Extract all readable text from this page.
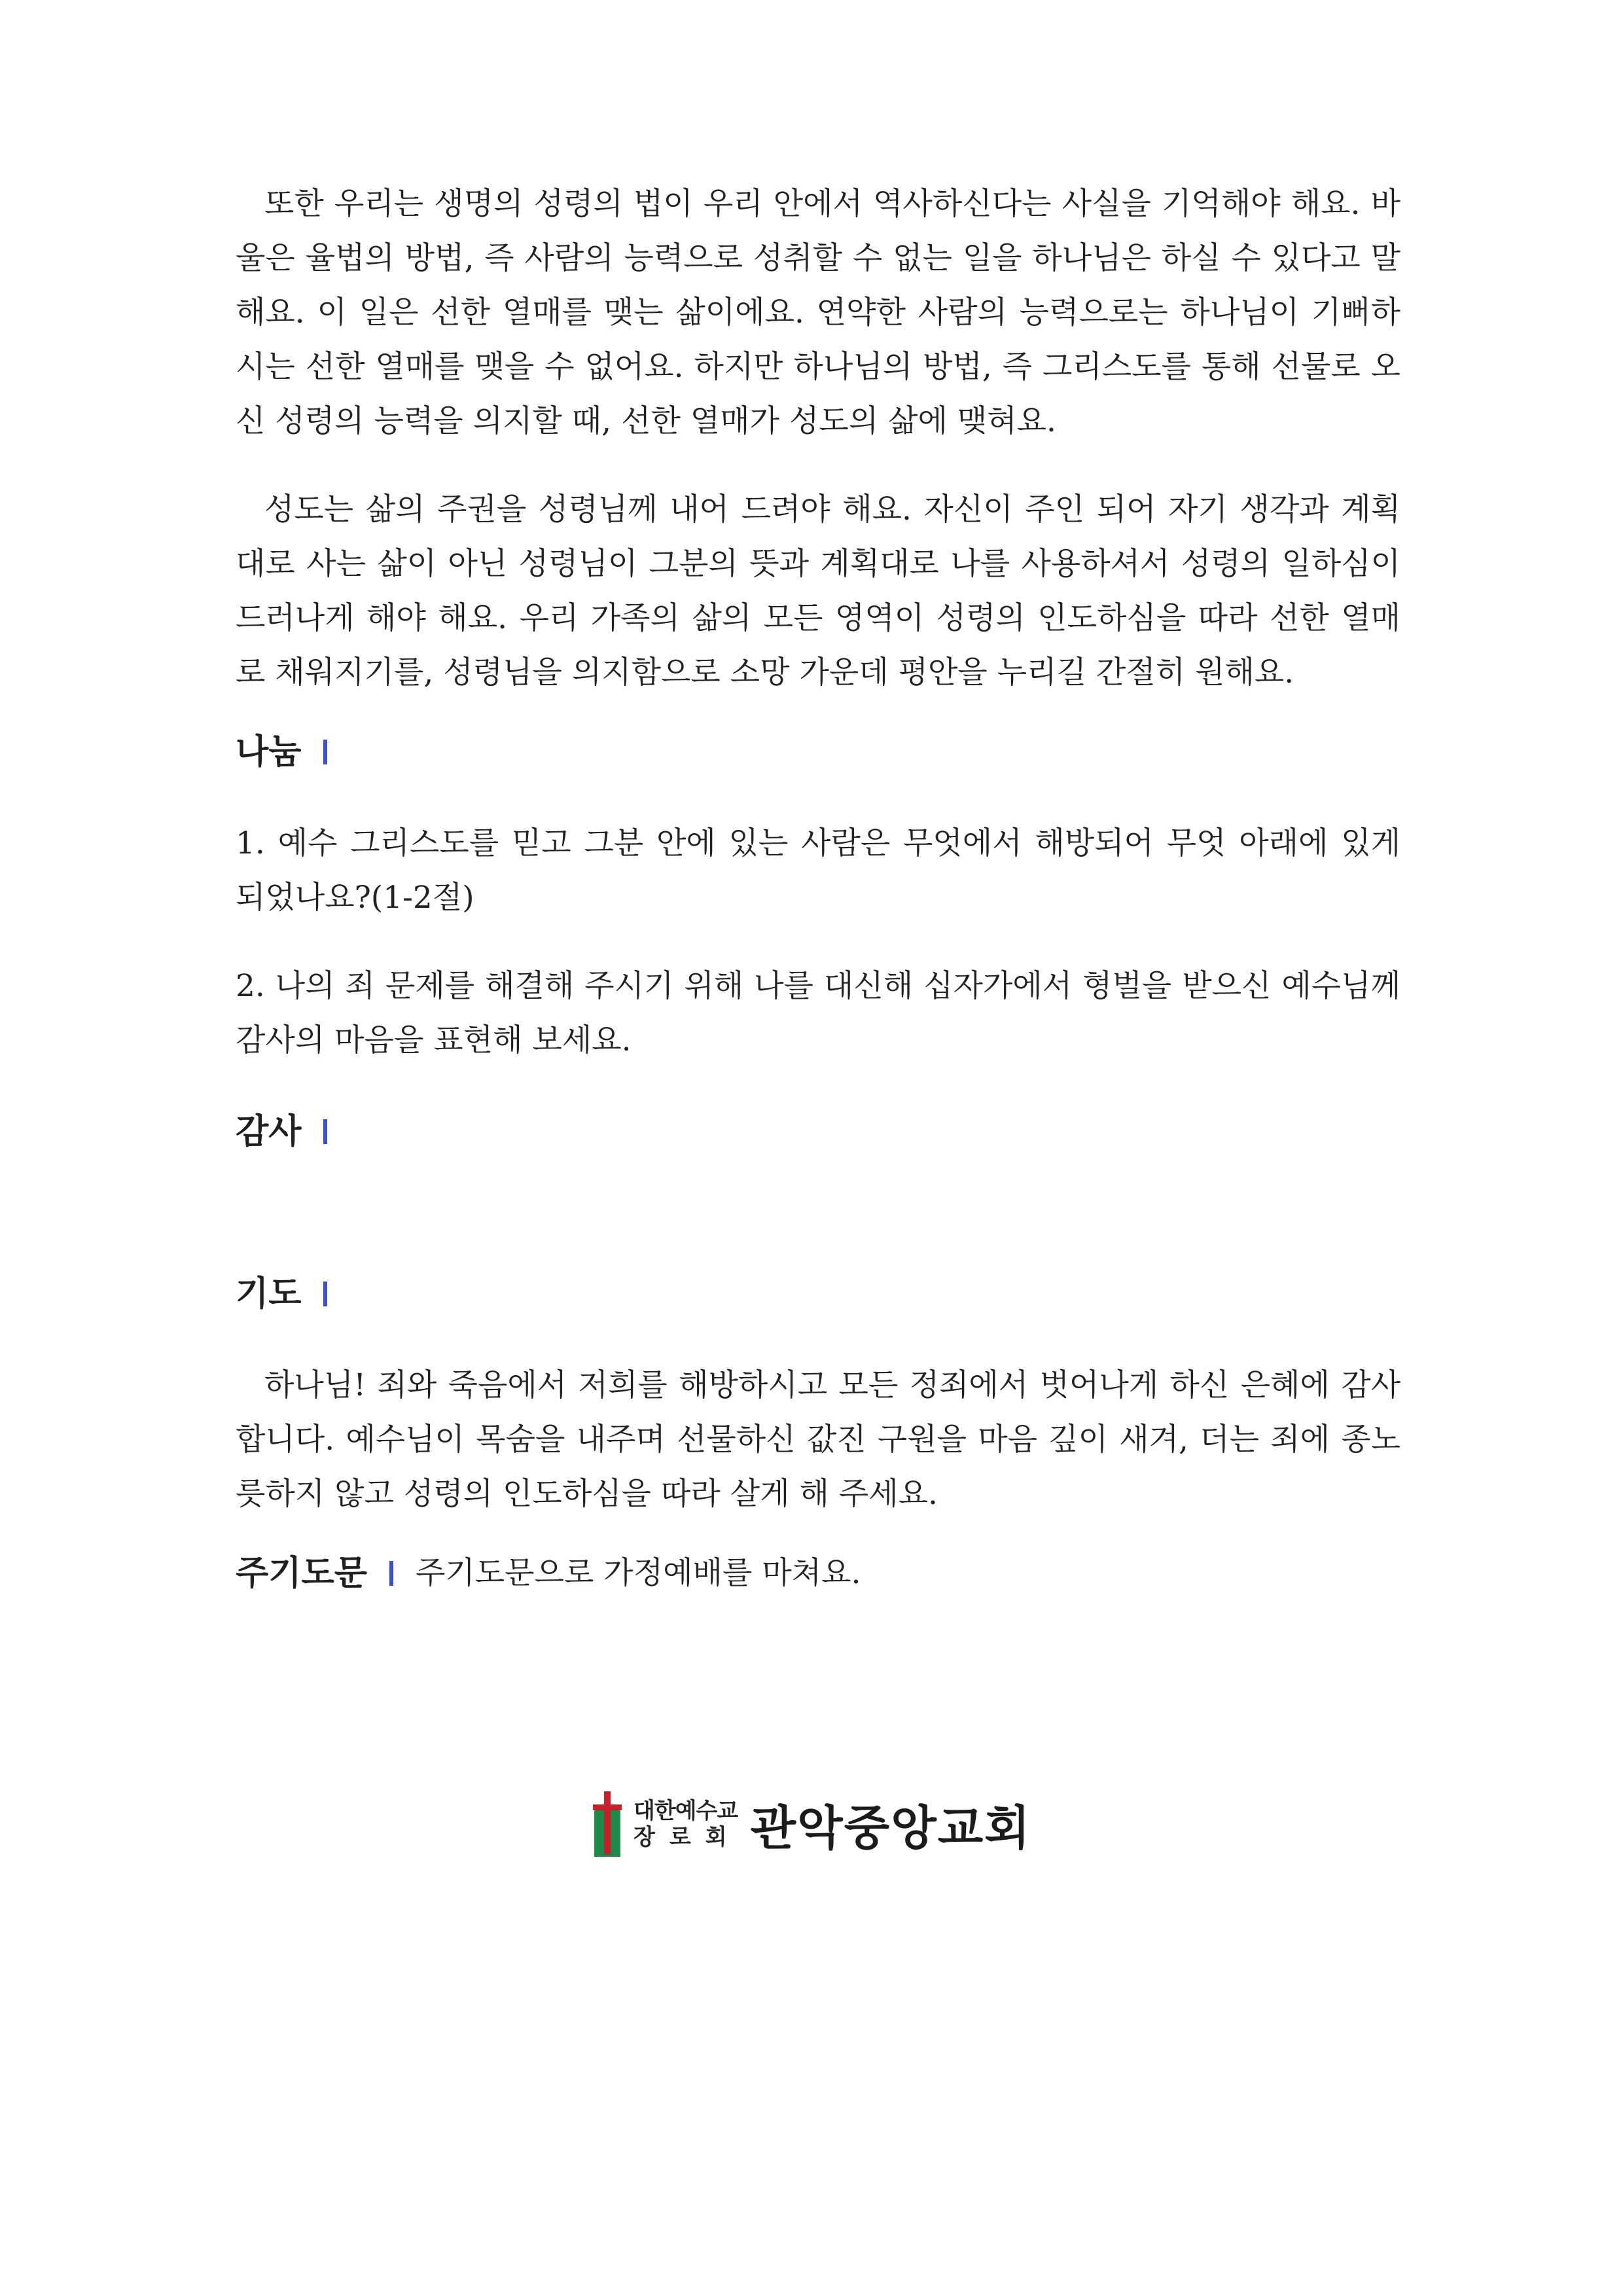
또한 우리는 생명의 성령의 법이 우리 안에서 역사하신다는 사실을 기억해야 해요. 바울은 율법의 방법, 즉 사람의 능력으로 성취할 수 없는 일을 하나님은 하실 수 있다고 말해요. 이 일은 선한 열매를 맺는 삶이에요. 연약한 사람의 능력으로는 하나님이 기뻐하시는 선한 열매를 맺을 수 없어요. 하지만 하나님의 방법, 즉 그리스도를 통해 선물로 오신 성령의 능력을 의지할 때, 선한 열매가 성도의 삶에 맺혀요.

성도는 삶의 주권을 성령님께 내어 드려야 해요. 자신이 주인 되어 자기 생각과 계획대로 사는 삶이 아닌 성령님이 그분의 뜻과 계획대로 나를 사용하셔서 성령의 일하심이 드러나게 해야 해요. 우리 가족의 삶의 모든 영역이 성령의 인도하심을 따라 선한 열매로 채워지기를, 성령님을 의지함으로 소망 가운데 평안을 누리길 간절히 원해요.

나눔

1. 예수 그리스도를 믿고 그분 안에 있는 사람은 무엇에서 해방되어 무엇 아래에 있게 되었나요?(1-2절)

2. 나의 죄 문제를 해결해 주시기 위해 나를 대신해 십자가에서 형벌을 받으신 예수님께 감사의 마음을 표현해 보세요.

감사
기도

하나님! 죄와 죽음에서 저희를 해방하시고 모든 정죄에서 벗어나게 하신 은혜에 감사합니다. 예수님이 목숨을 내주며 선물하신 값진 구원을 마음 깊이 새겨, 더는 죄에 종노릇하지 않고 성령의 인도하심을 따라 살게 해 주세요.

주기도문 주기도문으로 가정예배를 마쳐요.
대한예수교
장로회 관악중앙교회
